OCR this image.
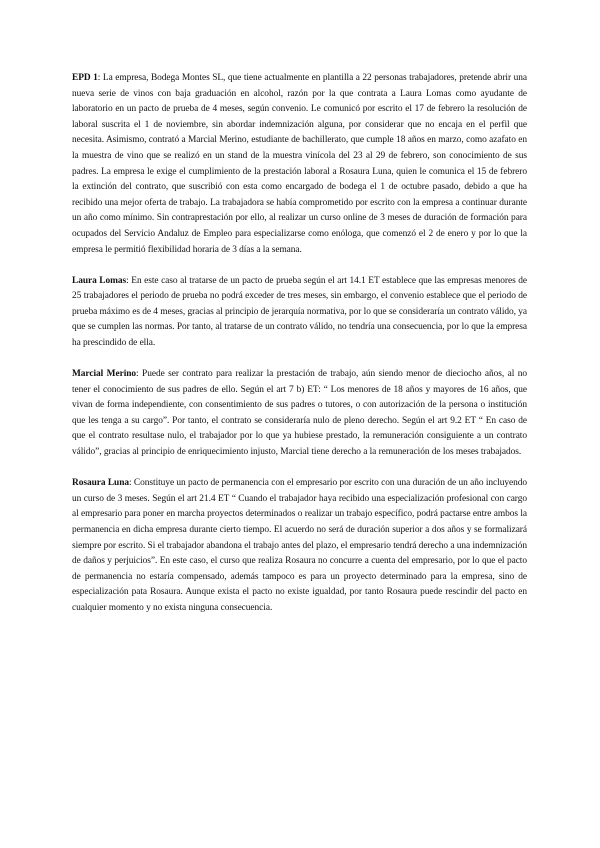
EPD 1: La empresa, Bodega Montes SL, que tiene actualmente en plantilla a 22 personas trabajadores, pretende abrir una nueva serie de vinos con baja graduación en alcohol, razón por la que contrata a Laura Lomas como ayudante de laboratorio en un pacto de prueba de 4 meses, según convenio. Le comunicó por escrito el 17 de febrero la resolución de laboral suscrita el 1 de noviembre, sin abordar indemnización alguna, por considerar que no encaja en el perfil que necesita. Asimismo, contrató a Marcial Merino, estudiante de bachillerato, que cumple 18 años en marzo, como azafato en la muestra de vino que se realizó en un stand de la muestra vinícola del 23 al 29 de febrero, son conocimiento de sus padres. La empresa le exige el cumplimiento de la prestación laboral a Rosaura Luna, quien le comunica el 15 de febrero la extinción del contrato, que suscribió con esta como encargado de bodega el 1 de octubre pasado, debido a que ha recibido una mejor oferta de trabajo. La trabajadora se había comprometido por escrito con la empresa a continuar durante un año como mínimo. Sin contraprestación por ello, al realizar un curso online de 3 meses de duración de formación para ocupados del Servicio Andaluz de Empleo para especializarse como enóloga, que comenzó el 2 de enero y por lo que la empresa le permitió flexibilidad horaria de 3 días a la semana.

Laura Lomas: En este caso al tratarse de un pacto de prueba según el art 14.1 ET establece que las empresas menores de 25 trabajadores el periodo de prueba no podrá exceder de tres meses, sin embargo, el convenio establece que el periodo de prueba máximo es de 4 meses, gracias al principio de jerarquía normativa, por lo que se consideraría un contrato válido, ya que se cumplen las normas. Por tanto, al tratarse de un contrato válido, no tendría una consecuencia, por lo que la empresa ha prescindido de ella.

Marcial Merino: Puede ser contrato para realizar la prestación de trabajo, aún siendo menor de dieciocho años, al no tener el conocimiento de sus padres de ello. Según el art 7 b) ET: “ Los menores de 18 años y mayores de 16 años, que vivan de forma independiente, con consentimiento de sus padres o tutores, o con autorización de la persona o institución que les tenga a su cargo”. Por tanto, el contrato se consideraría nulo de pleno derecho. Según el art 9.2 ET “ En caso de que el contrato resultase nulo, el trabajador por lo que ya hubiese prestado, la remuneración consiguiente a un contrato válido”, gracias al principio de enriquecimiento injusto, Marcial tiene derecho a la remuneración de los meses trabajados.

Rosaura Luna: Constituye un pacto de permanencia con el empresario por escrito con una duración de un año incluyendo un curso de 3 meses. Según el art 21.4 ET “ Cuando el trabajador haya recibido una especialización profesional con cargo al empresario para poner en marcha proyectos determinados o realizar un trabajo específico, podrá pactarse entre ambos la permanencia en dicha empresa durante cierto tiempo. El acuerdo no será de duración superior a dos años y se formalizará siempre por escrito. Si el trabajador abandona el trabajo antes del plazo, el empresario tendrá derecho a una indemnización de daños y perjuicios”. En este caso, el curso que realiza Rosaura no concurre a cuenta del empresario, por lo que el pacto de permanencia no estaría compensado, además tampoco es para un proyecto determinado para la empresa, sino de especialización pata Rosaura. Aunque exista el pacto no existe igualdad, por tanto Rosaura puede rescindir del pacto en cualquier momento y no exista ninguna consecuencia.
